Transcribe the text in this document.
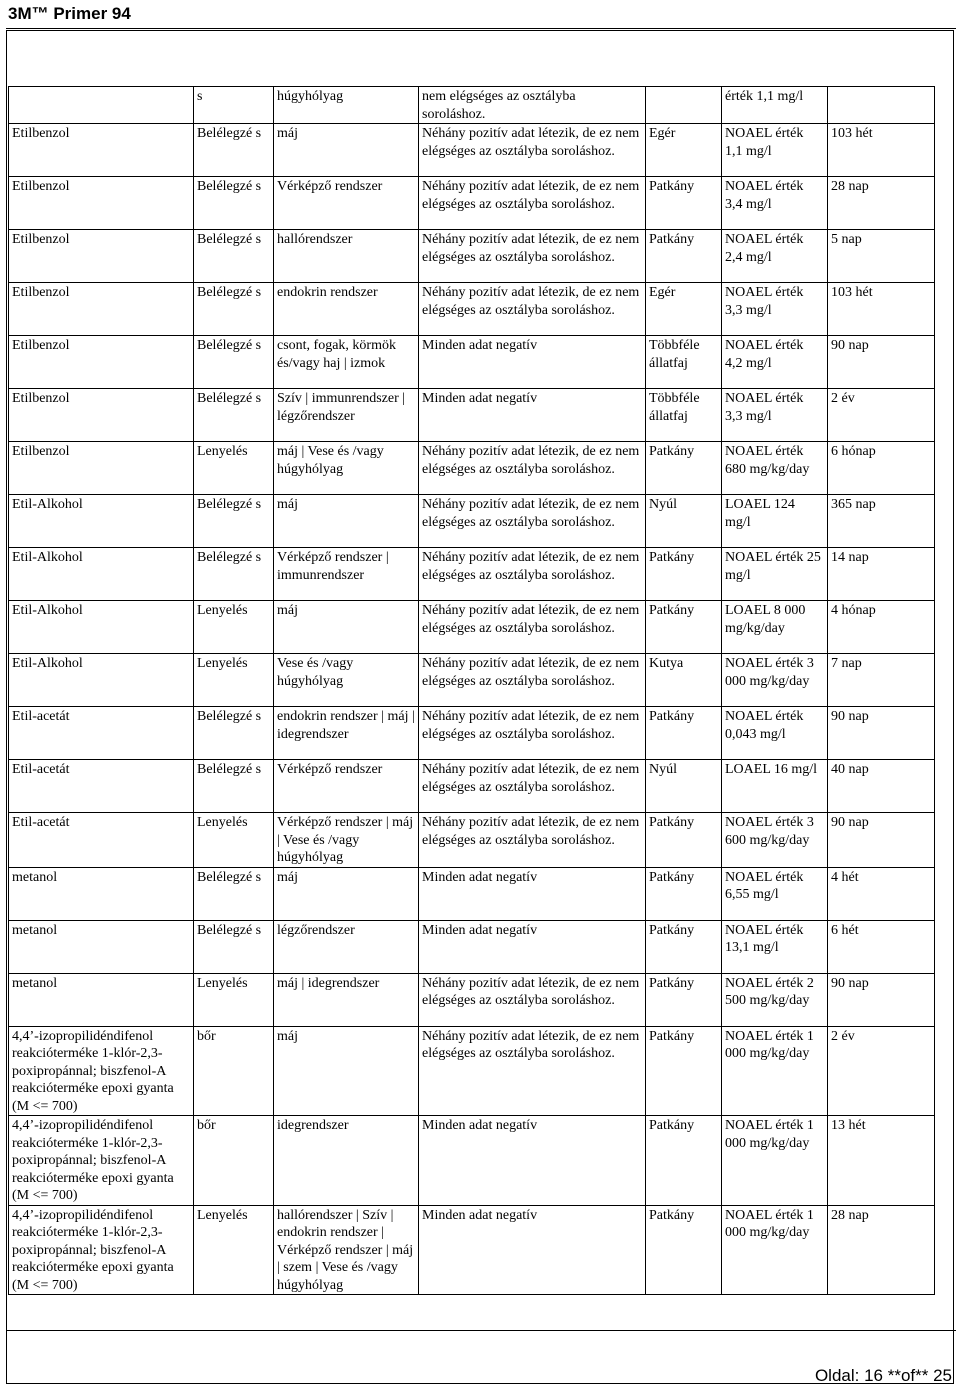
3M™ Primer 94
	s	húgyhólyag	nem elégséges az osztályba soroláshoz.		érték 1,1 mg/l	
Etilbenzol	Belélegzé s	máj	Néhány pozitív adat létezik, de ez nem elégséges az osztályba soroláshoz.	Egér	NOAEL érték 1,1 mg/l	103 hét
Etilbenzol	Belélegzé s	Vérképző rendszer	Néhány pozitív adat létezik, de ez nem elégséges az osztályba soroláshoz.	Patkány	NOAEL érték 3,4 mg/l	28 nap
Etilbenzol	Belélegzé s	hallórendszer	Néhány pozitív adat létezik, de ez nem elégséges az osztályba soroláshoz.	Patkány	NOAEL érték 2,4 mg/l	5 nap
Etilbenzol	Belélegzé s	endokrin rendszer	Néhány pozitív adat létezik, de ez nem elégséges az osztályba soroláshoz.	Egér	NOAEL érték 3,3 mg/l	103 hét
Etilbenzol	Belélegzé s	csont, fogak, körmök és/vagy haj | izmok	Minden adat negatív	Többféle állatfaj	NOAEL érték 4,2 mg/l	90 nap
Etilbenzol	Belélegzé s	Szív | immunrendszer | légzőrendszer	Minden adat negatív	Többféle állatfaj	NOAEL érték 3,3 mg/l	2 év
Etilbenzol	Lenyelés	máj | Vese és /vagy húgyhólyag	Néhány pozitív adat létezik, de ez nem elégséges az osztályba soroláshoz.	Patkány	NOAEL érték 680 mg/kg/day	6 hónap
Etil-Alkohol	Belélegzé s	máj	Néhány pozitív adat létezik, de ez nem elégséges az osztályba soroláshoz.	Nyúl	LOAEL 124 mg/l	365 nap
Etil-Alkohol	Belélegzé s	Vérképző rendszer | immunrendszer	Néhány pozitív adat létezik, de ez nem elégséges az osztályba soroláshoz.	Patkány	NOAEL érték 25 mg/l	14 nap
Etil-Alkohol	Lenyelés	máj	Néhány pozitív adat létezik, de ez nem elégséges az osztályba soroláshoz.	Patkány	LOAEL 8 000 mg/kg/day	4 hónap
Etil-Alkohol	Lenyelés	Vese és /vagy húgyhólyag	Néhány pozitív adat létezik, de ez nem elégséges az osztályba soroláshoz.	Kutya	NOAEL érték 3 000 mg/kg/day	7 nap
Etil-acetát	Belélegzé s	endokrin rendszer | máj | idegrendszer	Néhány pozitív adat létezik, de ez nem elégséges az osztályba soroláshoz.	Patkány	NOAEL érték 0,043 mg/l	90 nap
Etil-acetát	Belélegzé s	Vérképző rendszer	Néhány pozitív adat létezik, de ez nem elégséges az osztályba soroláshoz.	Nyúl	LOAEL 16 mg/l	40 nap
Etil-acetát	Lenyelés	Vérképző rendszer | máj | Vese és /vagy húgyhólyag	Néhány pozitív adat létezik, de ez nem elégséges az osztályba soroláshoz.	Patkány	NOAEL érték 3 600 mg/kg/day	90 nap
metanol	Belélegzé s	máj	Minden adat negatív	Patkány	NOAEL érték 6,55 mg/l	4 hét
metanol	Belélegzé s	légzőrendszer	Minden adat negatív	Patkány	NOAEL érték 13,1 mg/l	6 hét
metanol	Lenyelés	máj | idegrendszer	Néhány pozitív adat létezik, de ez nem elégséges az osztályba soroláshoz.	Patkány	NOAEL érték 2 500 mg/kg/day	90 nap
4,4’-izopropilidéndifenol reakcióterméke 1-klór-2,3-poxipropánnal; biszfenol-A reakcióterméke epoxi gyanta (M <= 700)	bőr	máj	Néhány pozitív adat létezik, de ez nem elégséges az osztályba soroláshoz.	Patkány	NOAEL érték 1 000 mg/kg/day	2 év
4,4’-izopropilidéndifenol reakcióterméke 1-klór-2,3-poxipropánnal; biszfenol-A reakcióterméke epoxi gyanta (M <= 700)	bőr	idegrendszer	Minden adat negatív	Patkány	NOAEL érték 1 000 mg/kg/day	13 hét
4,4’-izopropilidéndifenol reakcióterméke 1-klór-2,3-poxipropánnal; biszfenol-A reakcióterméke epoxi gyanta (M <= 700)	Lenyelés	hallórendszer | Szív | endokrin rendszer | Vérképző rendszer | máj | szem | Vese és /vagy húgyhólyag	Minden adat negatív	Patkány	NOAEL érték 1 000 mg/kg/day	28 nap
Oldal: 16 **of** 25
